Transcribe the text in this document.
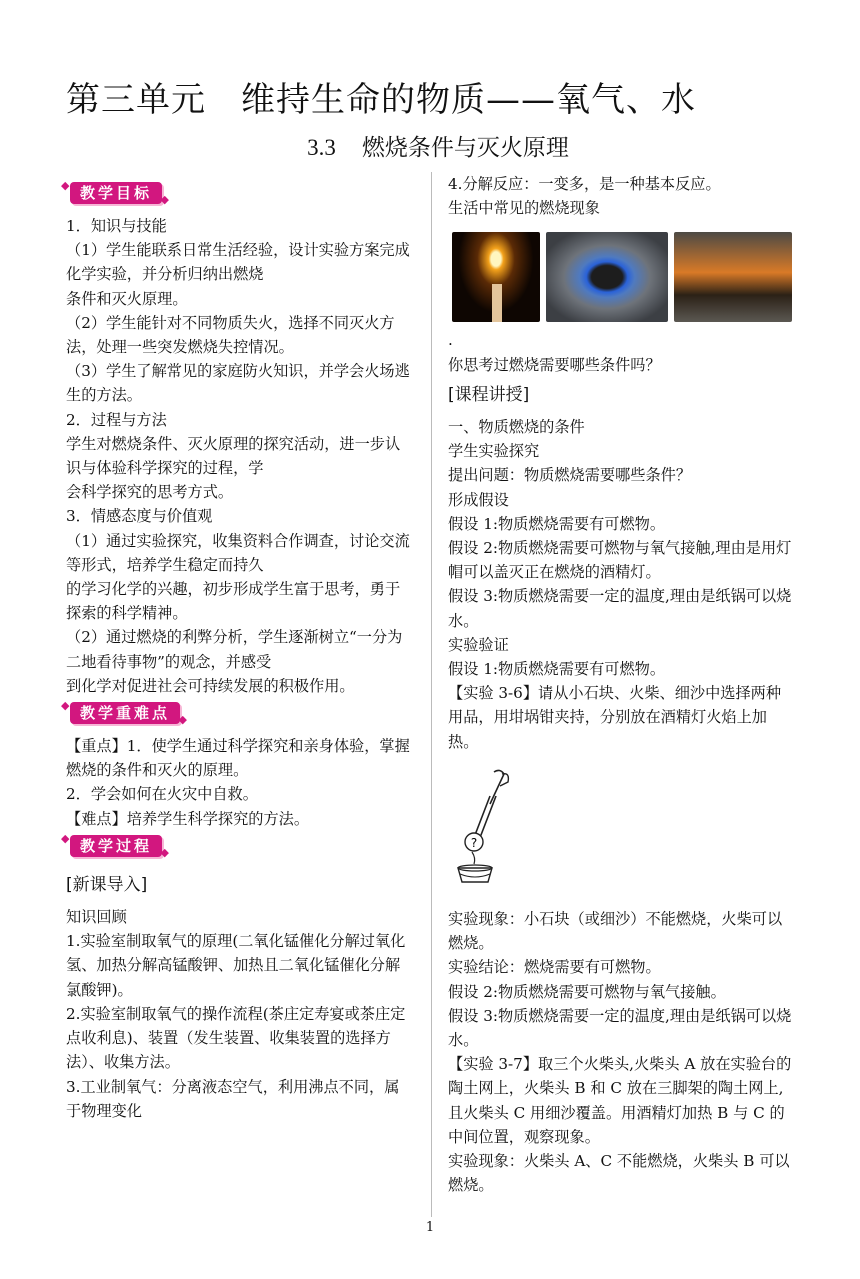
第三单元　维持生命的物质——氧气、水
3.3 燃烧条件与灭火原理
◆ 教学目标 ◆

1．知识与技能

（1）学生能联系日常生活经验，设计实验方案完成化学实验，并分析归纳出燃烧

条件和灭火原理。

（2）学生能针对不同物质失火，选择不同灭火方法，处理一些突发燃烧失控情况。

（3）学生了解常见的家庭防火知识，并学会火场逃生的方法。

2．过程与方法

学生对燃烧条件、灭火原理的探究活动，进一步认识与体验科学探究的过程，学

会科学探究的思考方式。

3．情感态度与价值观

（1）通过实验探究，收集资料合作调查，讨论交流等形式，培养学生稳定而持久

的学习化学的兴趣，初步形成学生富于思考，勇于探索的科学精神。

（2）通过燃烧的利弊分析，学生逐渐树立“一分为二地看待事物”的观念，并感受

到化学对促进社会可持续发展的积极作用。

◆ 教学重难点 ◆

【重点】1．使学生通过科学探究和亲身体验，掌握燃烧的条件和灭火的原理。

2．学会如何在火灾中自救。

【难点】培养学生科学探究的方法。

◆ 教学过程 ◆
[新课导入]

知识回顾

1.实验室制取氧气的原理(二氧化锰催化分解过氧化氢、加热分解高锰酸钾、加热且二氧化锰催化分解氯酸钾)。

2.实验室制取氧气的操作流程(茶庄定寿宴或茶庄定点收利息)、装置（发生装置、收集装置的选择方法）、收集方法。

3.工业制氧气：分离液态空气，利用沸点不同，属于物理变化

4.分解反应：一变多，是一种基本反应。

生活中常见的燃烧现象

.

你思考过燃烧需要哪些条件吗？

[课程讲授]

一、物质燃烧的条件

学生实验探究

提出问题：物质燃烧需要哪些条件？

形成假设

假设 1:物质燃烧需要有可燃物。

假设 2:物质燃烧需要可燃物与氧气接触,理由是用灯帽可以盖灭正在燃烧的酒精灯。

假设 3:物质燃烧需要一定的温度,理由是纸锅可以烧水。

实验验证

假设 1:物质燃烧需要有可燃物。

【实验 3-6】请从小石块、火柴、细沙中选择两种用品，用坩埚钳夹持，分别放在酒精灯火焰上加热。

?

实验现象：小石块（或细沙）不能燃烧，火柴可以燃烧。

实验结论：燃烧需要有可燃物。

假设 2:物质燃烧需要可燃物与氧气接触。

假设 3:物质燃烧需要一定的温度,理由是纸锅可以烧水。

【实验 3-7】取三个火柴头,火柴头 A 放在实验台的陶土网上，火柴头 B 和 C 放在三脚架的陶土网上,且火柴头 C 用细沙覆盖。用酒精灯加热 B 与 C 的中间位置，观察现象。

实验现象：火柴头 A、C 不能燃烧，火柴头 B 可以燃烧。

1
